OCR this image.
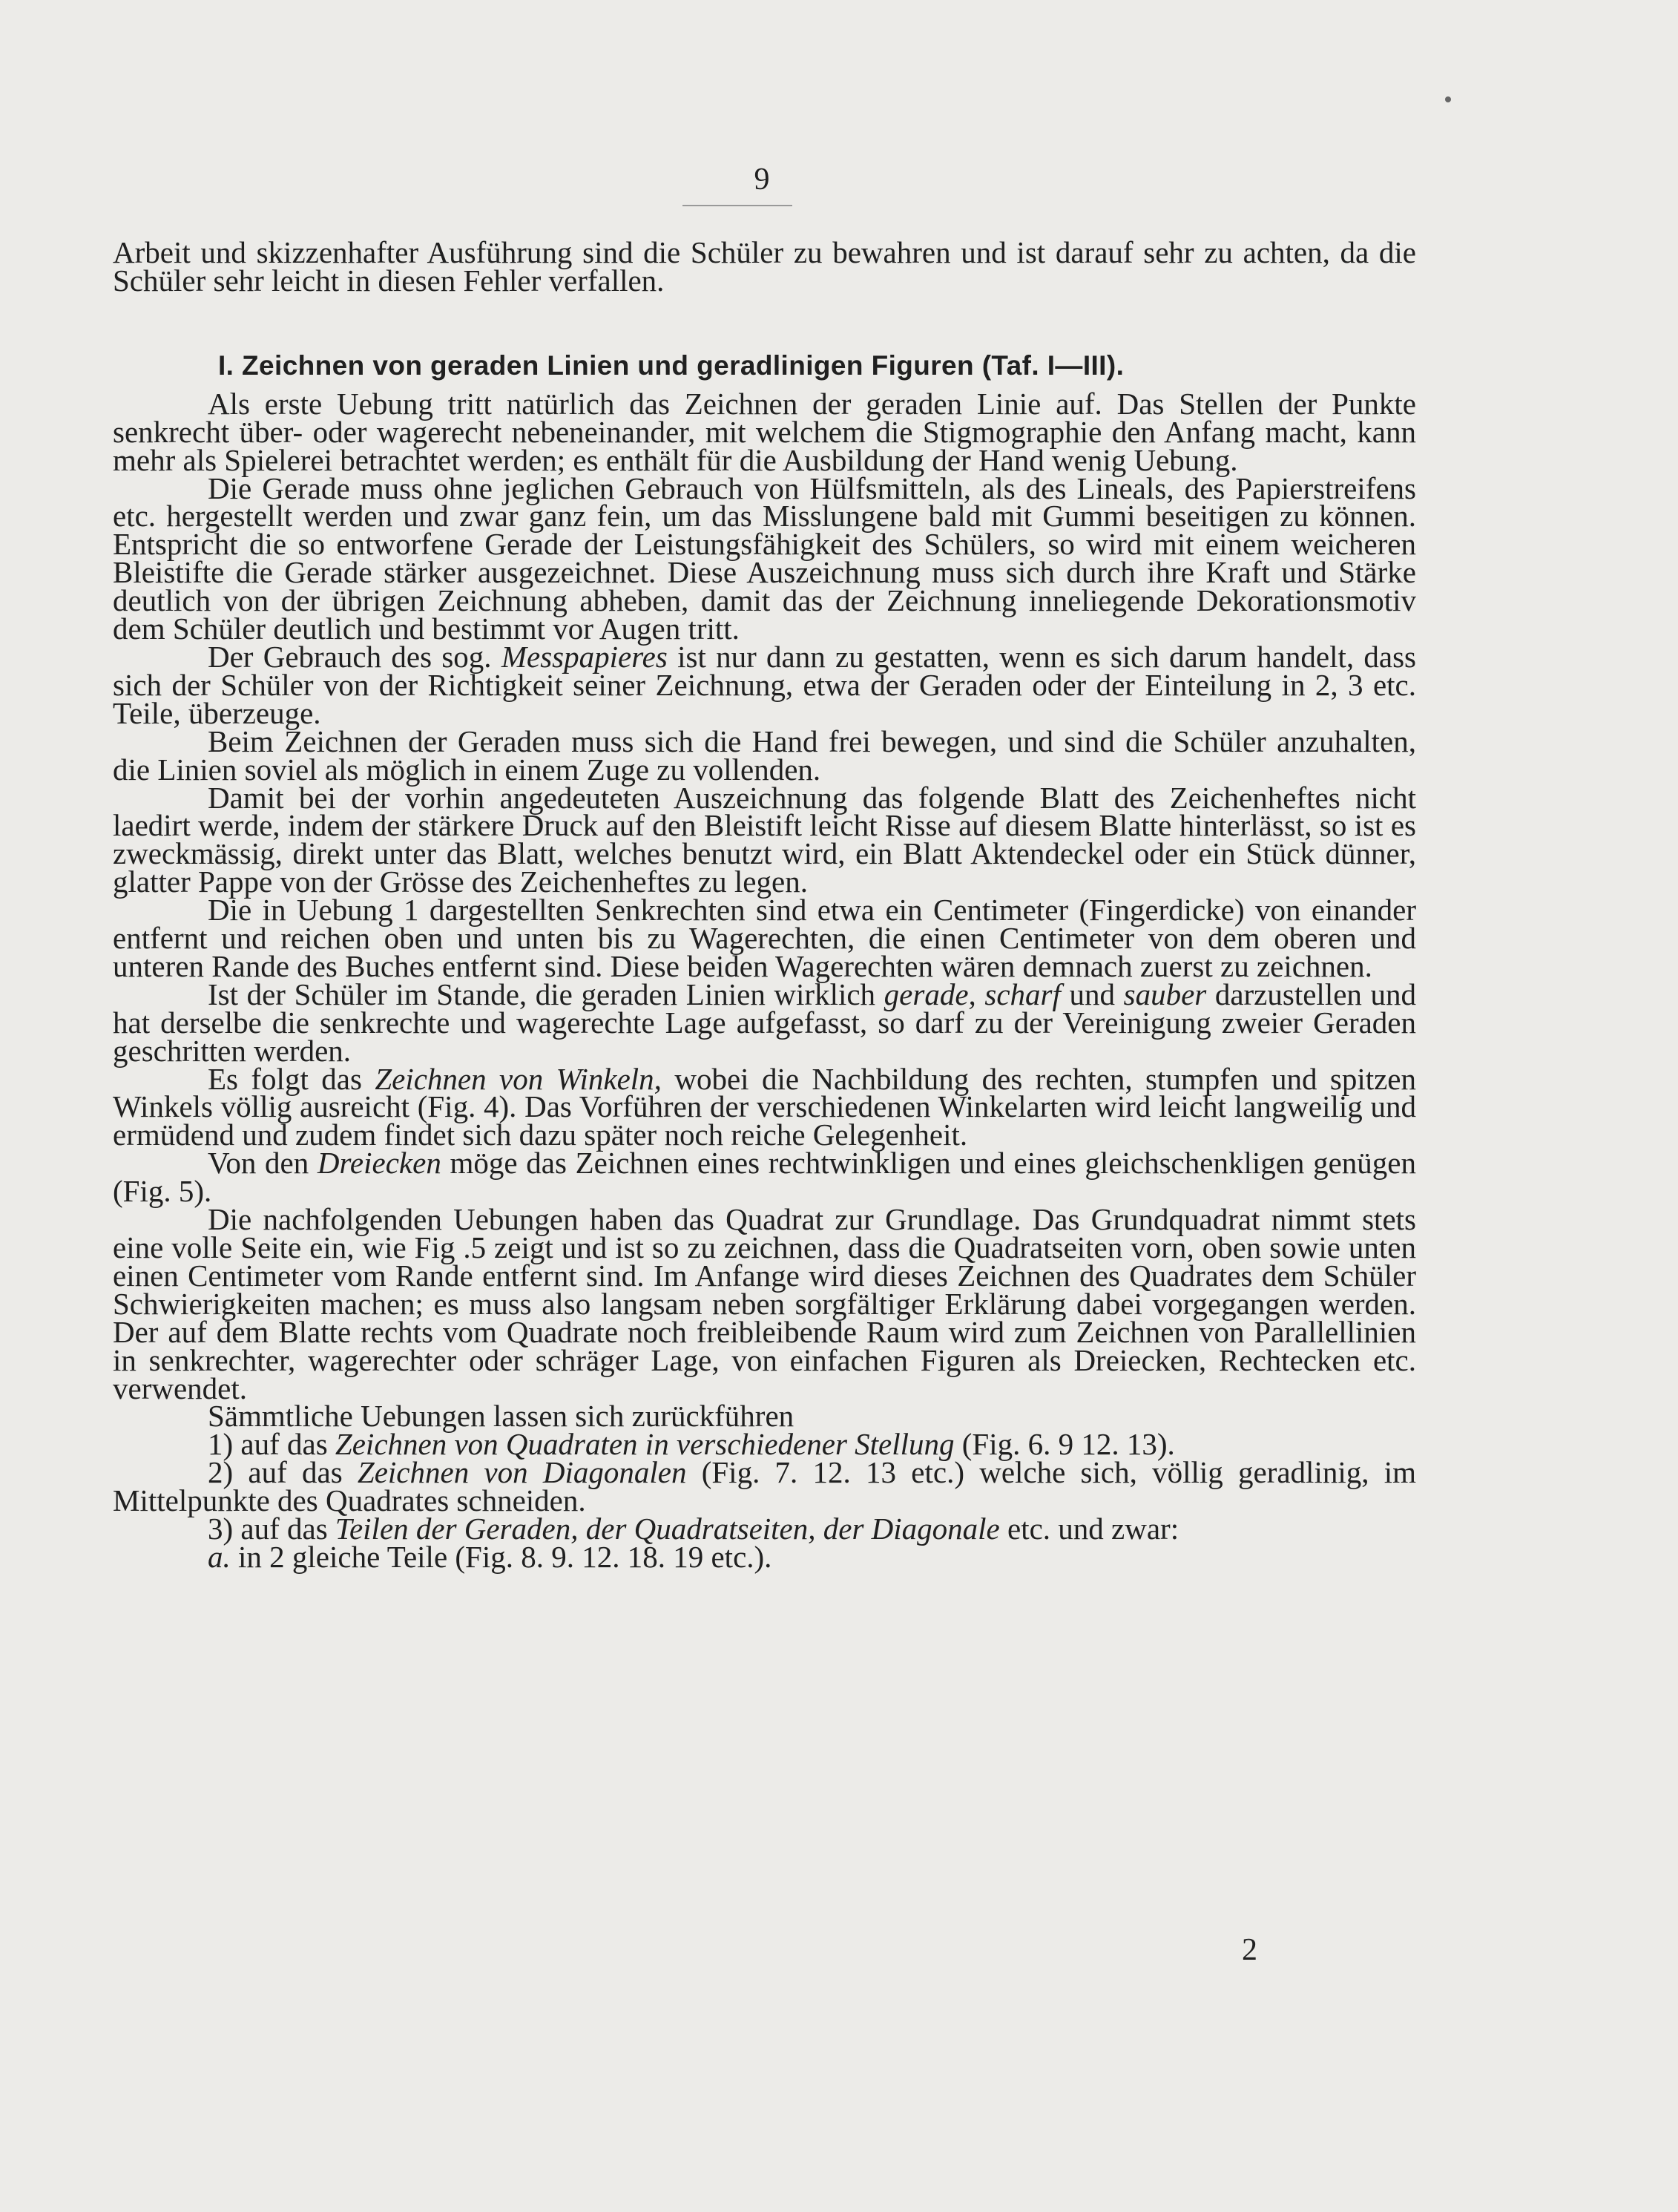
9

Arbeit und skizzenhafter Ausführung sind die Schüler zu bewahren und ist darauf sehr zu achten, da die Schüler sehr leicht in diesen Fehler verfallen.

I. Zeichnen von geraden Linien und geradlinigen Figuren (Taf. I—III).

Als erste Uebung tritt natürlich das Zeichnen der geraden Linie auf. Das Stellen der Punkte senkrecht über- oder wagerecht nebeneinander, mit welchem die Stigmographie den Anfang macht, kann mehr als Spielerei betrachtet werden; es enthält für die Ausbildung der Hand wenig Uebung.

Die Gerade muss ohne jeglichen Gebrauch von Hülfsmitteln, als des Lineals, des Papierstreifens etc. hergestellt werden und zwar ganz fein, um das Misslungene bald mit Gummi beseitigen zu können. Entspricht die so entworfene Gerade der Leistungsfähigkeit des Schülers, so wird mit einem weicheren Bleistifte die Gerade stärker ausgezeichnet. Diese Auszeichnung muss sich durch ihre Kraft und Stärke deutlich von der übrigen Zeichnung abheben, damit das der Zeichnung inneliegende Dekorationsmotiv dem Schüler deutlich und bestimmt vor Augen tritt.

Der Gebrauch des sog. Messpapieres ist nur dann zu gestatten, wenn es sich darum handelt, dass sich der Schüler von der Richtigkeit seiner Zeichnung, etwa der Geraden oder der Einteilung in 2, 3 etc. Teile, überzeuge.

Beim Zeichnen der Geraden muss sich die Hand frei bewegen, und sind die Schüler anzuhalten, die Linien soviel als möglich in einem Zuge zu vollenden.

Damit bei der vorhin angedeuteten Auszeichnung das folgende Blatt des Zeichenheftes nicht laedirt werde, indem der stärkere Druck auf den Bleistift leicht Risse auf diesem Blatte hinterlässt, so ist es zweckmässig, direkt unter das Blatt, welches benutzt wird, ein Blatt Aktendeckel oder ein Stück dünner, glatter Pappe von der Grösse des Zeichenheftes zu legen.

Die in Uebung 1 dargestellten Senkrechten sind etwa ein Centimeter (Fingerdicke) von einander entfernt und reichen oben und unten bis zu Wagerechten, die einen Centimeter von dem oberen und unteren Rande des Buches entfernt sind. Diese beiden Wagerechten wären demnach zuerst zu zeichnen.

Ist der Schüler im Stande, die geraden Linien wirklich gerade, scharf und sauber darzustellen und hat derselbe die senkrechte und wagerechte Lage aufgefasst, so darf zu der Vereinigung zweier Geraden geschritten werden.

Es folgt das Zeichnen von Winkeln, wobei die Nachbildung des rechten, stumpfen und spitzen Winkels völlig ausreicht (Fig. 4). Das Vorführen der verschiedenen Winkelarten wird leicht langweilig und ermüdend und zudem findet sich dazu später noch reiche Gelegenheit.

Von den Dreiecken möge das Zeichnen eines rechtwinkligen und eines gleichschenkligen genügen (Fig. 5).

Die nachfolgenden Uebungen haben das Quadrat zur Grundlage. Das Grundquadrat nimmt stets eine volle Seite ein, wie Fig .5 zeigt und ist so zu zeichnen, dass die Quadratseiten vorn, oben sowie unten einen Centimeter vom Rande entfernt sind. Im Anfange wird dieses Zeichnen des Quadrates dem Schüler Schwierigkeiten machen; es muss also langsam neben sorgfältiger Erklärung dabei vorgegangen werden. Der auf dem Blatte rechts vom Quadrate noch freibleibende Raum wird zum Zeichnen von Parallellinien in senkrechter, wagerechter oder schräger Lage, von einfachen Figuren als Dreiecken, Rechtecken etc. verwendet.

Sämmtliche Uebungen lassen sich zurückführen

1) auf das Zeichnen von Quadraten in verschiedener Stellung (Fig. 6. 9 12. 13).

2) auf das Zeichnen von Diagonalen (Fig. 7. 12. 13 etc.) welche sich, völlig geradlinig, im Mittelpunkte des Quadrates schneiden.

3) auf das Teilen der Geraden, der Quadratseiten, der Diagonale etc. und zwar:

a. in 2 gleiche Teile (Fig. 8. 9. 12. 18. 19 etc.).

2
